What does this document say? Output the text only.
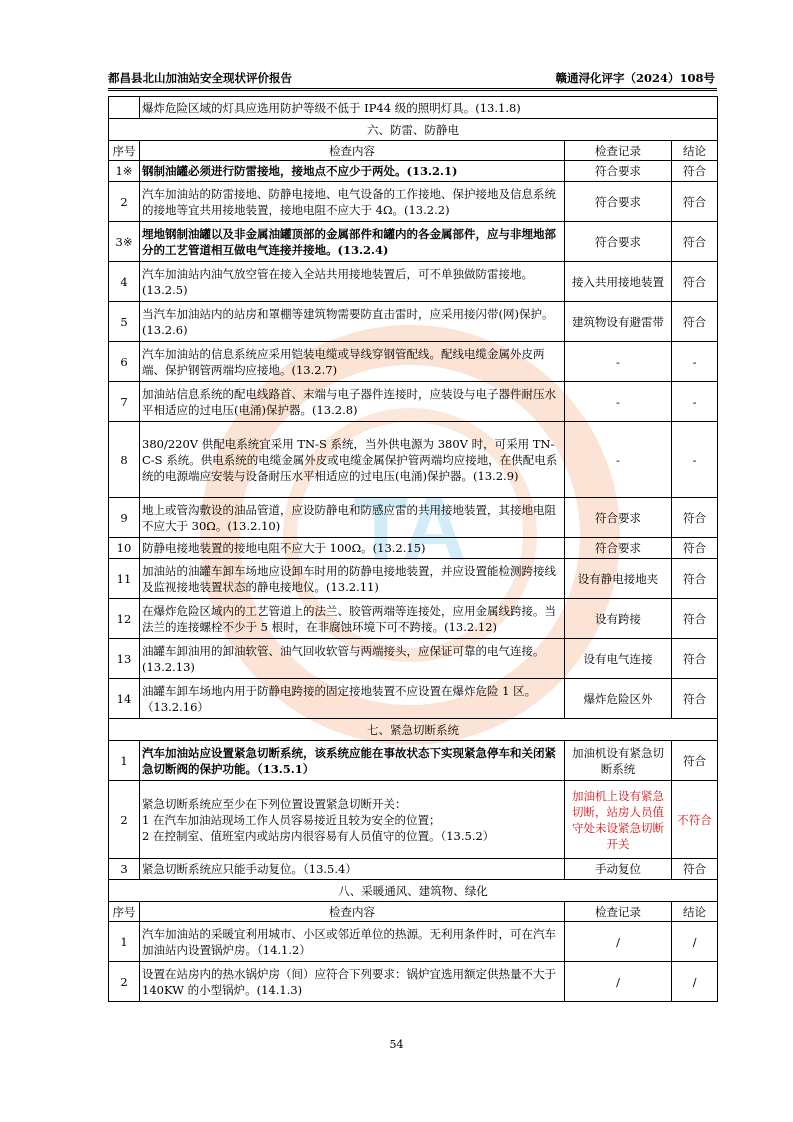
TA
都昌县北山加油站安全现状评价报告	赣通浔化评字（2024）108号
	爆炸危险区域的灯具应选用防护等级不低于 IP44 级的照明灯具。(13.1.8)		
六、防雷、防静电			
序号	检查内容	检查记录	结论
1※	钢制油罐必须进行防雷接地，接地点不应少于两处。(13.2.1)	符合要求	符合
2	汽车加油站的防雷接地、防静电接地、电气设备的工作接地、保护接地及信息系统的接地等宜共用接地装置，接地电阻不应大于 4Ω。(13.2.2)	符合要求	符合
3※	埋地钢制油罐以及非金属油罐顶部的金属部件和罐内的各金属部件，应与非埋地部分的工艺管道相互做电气连接并接地。(13.2.4)	符合要求	符合
4	汽车加油站内油气放空管在接入全站共用接地装置后，可不单独做防雷接地。(13.2.5)	接入共用接地装置	符合
5	当汽车加油站内的站房和罩棚等建筑物需要防直击雷时，应采用接闪带(网)保护。(13.2.6)	建筑物设有避雷带	符合
6	汽车加油站的信息系统应采用铠装电缆或导线穿钢管配线。配线电缆金属外皮两端、保护钢管两端均应接地。(13.2.7)	-	-
7	加油站信息系统的配电线路首、末端与电子器件连接时，应装设与电子器件耐压水平相适应的过电压(电涌)保护器。(13.2.8)	-	-
8	380/220V 供配电系统宜采用 TN-S 系统，当外供电源为 380V 时，可采用 TN-C-S 系统。供电系统的电缆金属外皮或电缆金属保护管两端均应接地，在供配电系统的电源端应安装与设备耐压水平相适应的过电压(电涌)保护器。(13.2.9)	-	-
9	地上或管沟敷设的油品管道，应设防静电和防感应雷的共用接地装置，其接地电阻不应大于 30Ω。(13.2.10)	符合要求	符合
10	防静电接地装置的接地电阻不应大于 100Ω。(13.2.15)	符合要求	符合
11	加油站的油罐车卸车场地应设卸车时用的防静电接地装置，并应设置能检测跨接线及监视接地装置状态的静电接地仪。(13.2.11)	设有静电接地夹	符合
12	在爆炸危险区域内的工艺管道上的法兰、胶管两端等连接处，应用金属线跨接。当法兰的连接螺栓不少于 5 根时，在非腐蚀环境下可不跨接。(13.2.12)	设有跨接	符合
13	油罐车卸油用的卸油软管、油气回收软管与两端接头，应保证可靠的电气连接。(13.2.13)	设有电气连接	符合
14	油罐车卸车场地内用于防静电跨接的固定接地装置不应设置在爆炸危险 1 区。（13.2.16）	爆炸危险区外	符合
七、紧急切断系统			
1	汽车加油站应设置紧急切断系统，该系统应能在事故状态下实现紧急停车和关闭紧急切断阀的保护功能。（13.5.1）	加油机设有紧急切断系统	符合
2	紧急切断系统应至少在下列位置设置紧急切断开关：
1 在汽车加油站现场工作人员容易接近且较为安全的位置；
2 在控制室、值班室内或站房内很容易有人员值守的位置。（13.5.2）	加油机上设有紧急切断，站房人员值守处未设紧急切断开关	不符合
3	紧急切断系统应只能手动复位。（13.5.4）	手动复位	符合
八、采暖通风、建筑物、绿化			
序号	检查内容	检查记录	结论
1	汽车加油站的采暖宜利用城市、小区或邻近单位的热源。无利用条件时，可在汽车加油站内设置锅炉房。（14.1.2）	/	/
2	设置在站房内的热水锅炉房（间）应符合下列要求：锅炉宜选用额定供热量不大于 140KW 的小型锅炉。(14.1.3)	/	/
54
